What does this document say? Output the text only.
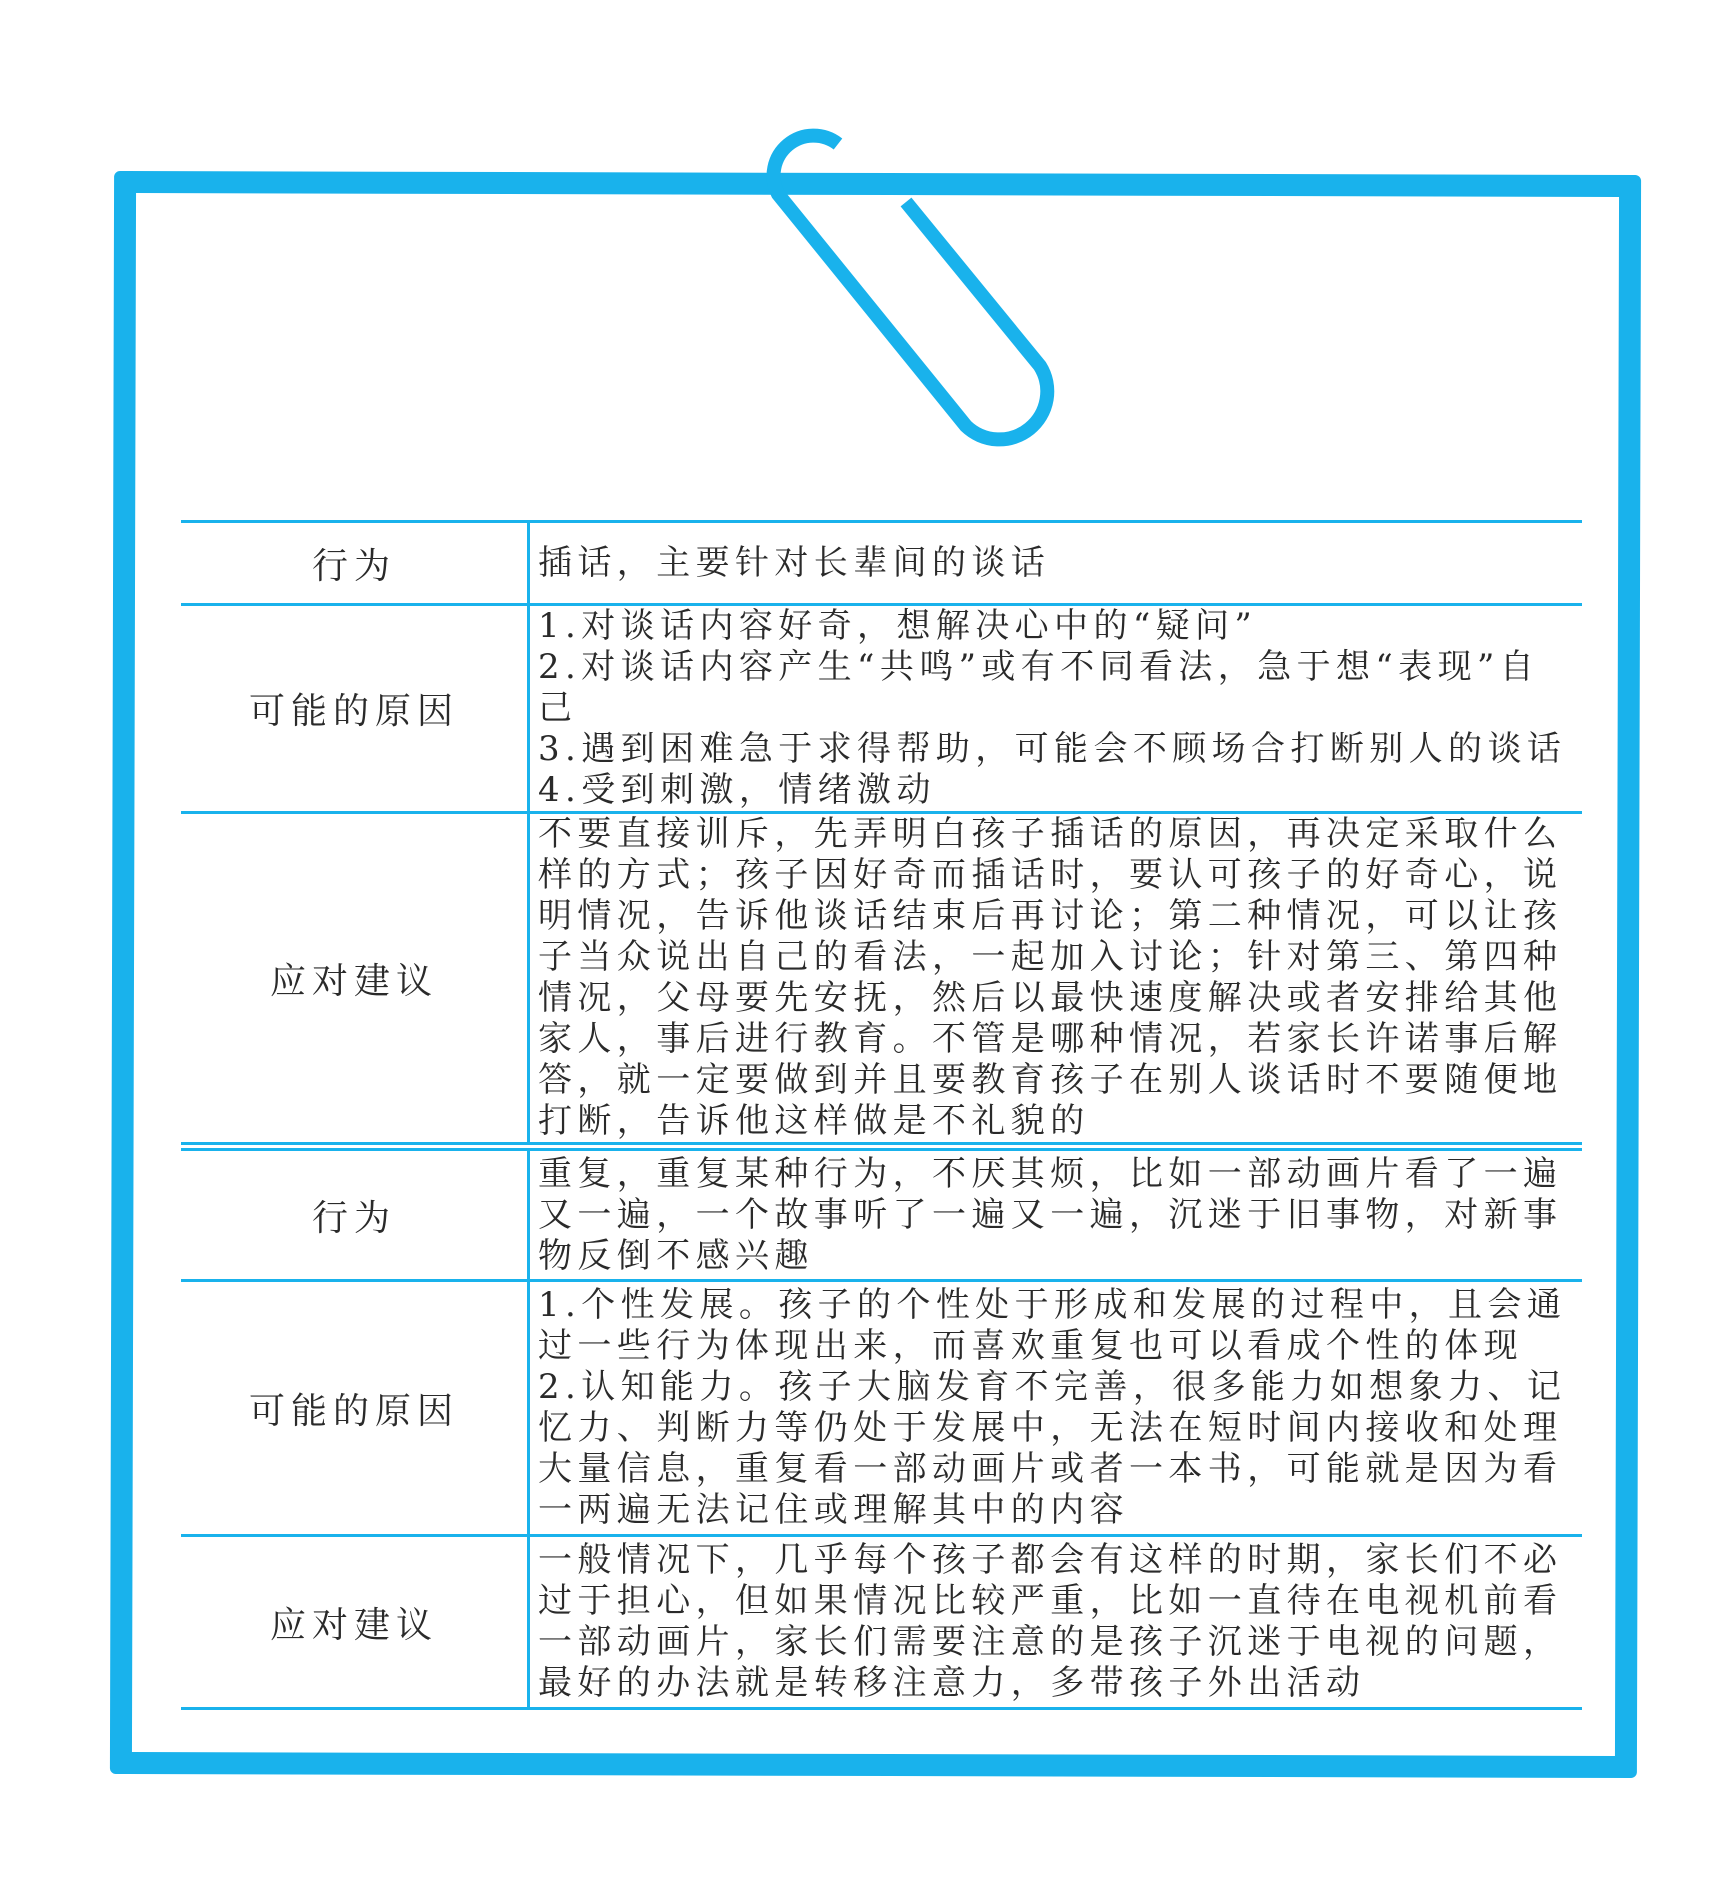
行为	插话，主要针对长辈间的谈话
可能的原因	1.对谈话内容好奇，想解决心中的“疑问”
2.对谈话内容产生“共鸣”或有不同看法，急于想“表现”自己
3.遇到困难急于求得帮助，可能会不顾场合打断别人的谈话
4.受到刺激，情绪激动
应对建议	不要直接训斥，先弄明白孩子插话的原因，再决定采取什么样的方式；孩子因好奇而插话时，要认可孩子的好奇心，说明情况，告诉他谈话结束后再讨论；第二种情况，可以让孩子当众说出自己的看法，一起加入讨论；针对第三、第四种情况，父母要先安抚，然后以最快速度解决或者安排给其他家人，事后进行教育。不管是哪种情况，若家长许诺事后解答，就一定要做到并且要教育孩子在别人谈话时不要随便地打断，告诉他这样做是不礼貌的
行为	重复，重复某种行为，不厌其烦，比如一部动画片看了一遍又一遍，一个故事听了一遍又一遍，沉迷于旧事物，对新事物反倒不感兴趣
可能的原因	1.个性发展。孩子的个性处于形成和发展的过程中，且会通过一些行为体现出来，而喜欢重复也可以看成个性的体现
2.认知能力。孩子大脑发育不完善，很多能力如想象力、记忆力、判断力等仍处于发展中，无法在短时间内接收和处理大量信息，重复看一部动画片或者一本书，可能就是因为看一两遍无法记住或理解其中的内容
应对建议	一般情况下，几乎每个孩子都会有这样的时期，家长们不必过于担心，但如果情况比较严重，比如一直待在电视机前看一部动画片，家长们需要注意的是孩子沉迷于电视的问题，最好的办法就是转移注意力，多带孩子外出活动
